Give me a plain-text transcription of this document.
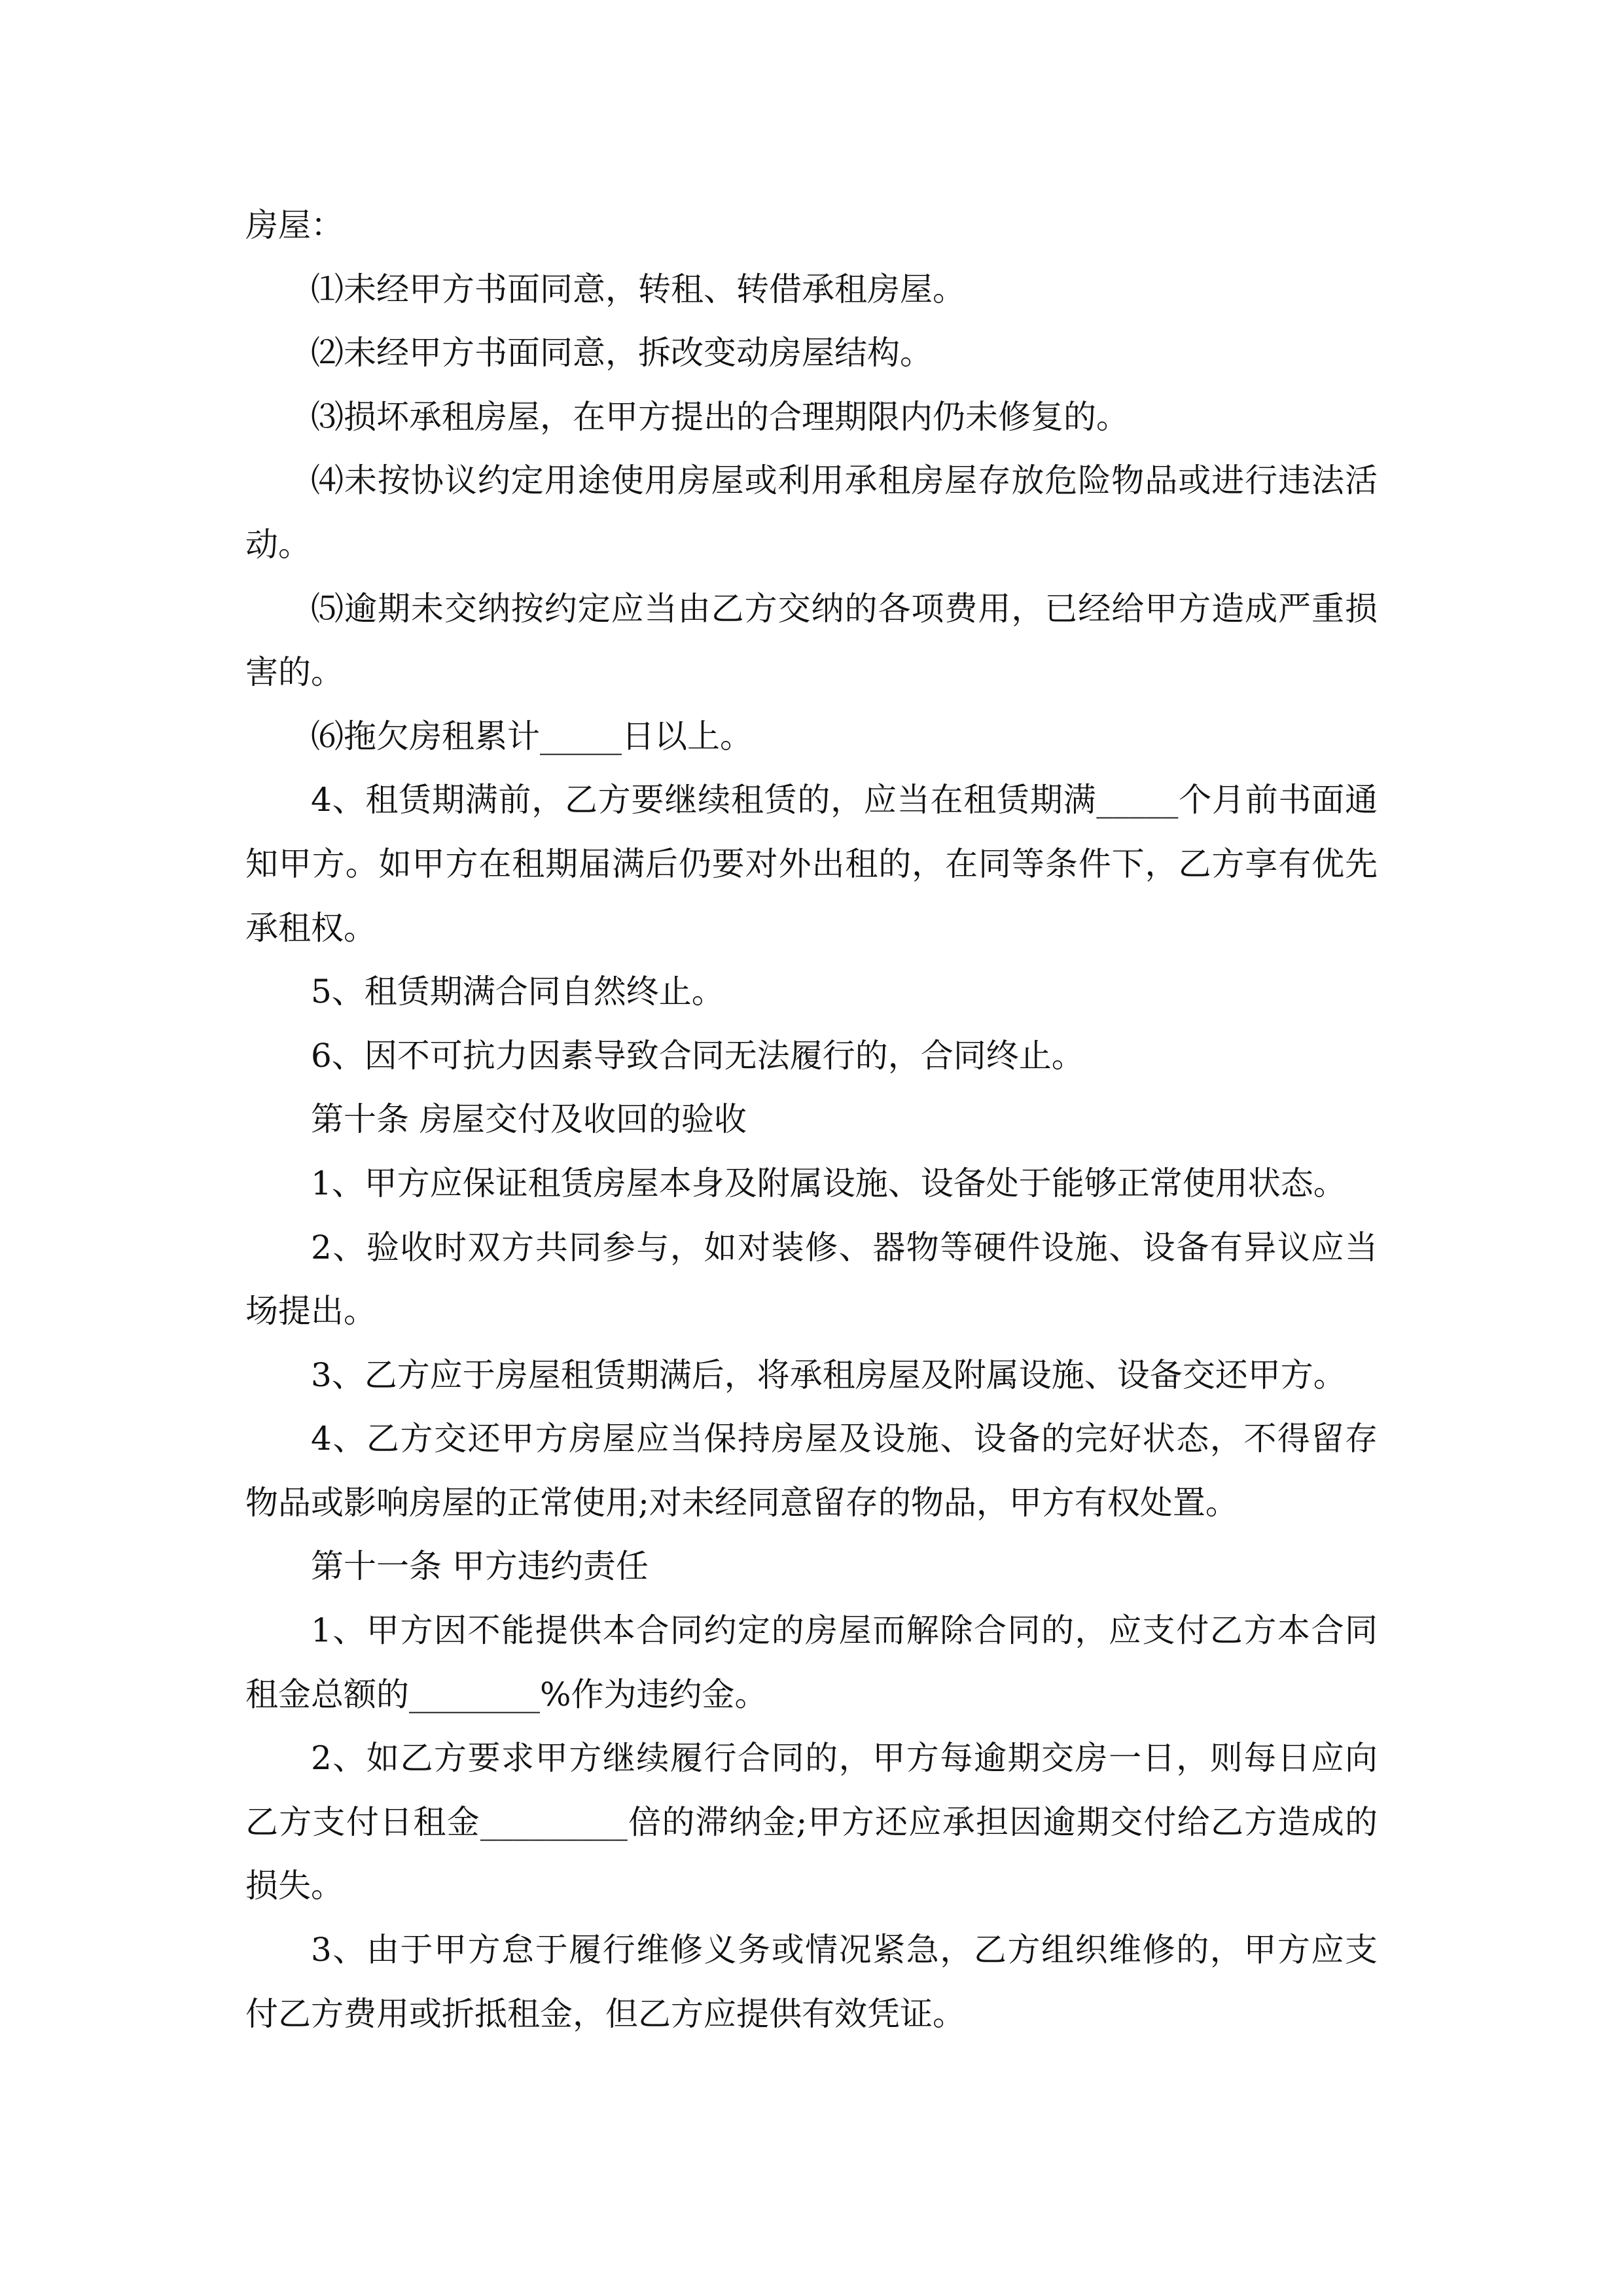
房屋：

⑴未经甲方书面同意，转租、转借承租房屋。

⑵未经甲方书面同意，拆改变动房屋结构。

⑶损坏承租房屋，在甲方提出的合理期限内仍未修复的。

⑷未按协议约定用途使用房屋或利用承租房屋存放危险物品或进行违法活动。

⑸逾期未交纳按约定应当由乙方交纳的各项费用，已经给甲方造成严重损害的。

⑹拖欠房租累计_____日以上。

4、租赁期满前，乙方要继续租赁的，应当在租赁期满_____个月前书面通知甲方。如甲方在租期届满后仍要对外出租的，在同等条件下，乙方享有优先承租权。

5、租赁期满合同自然终止。

6、因不可抗力因素导致合同无法履行的，合同终止。

第十条 房屋交付及收回的验收

1、甲方应保证租赁房屋本身及附属设施、设备处于能够正常使用状态。

2、验收时双方共同参与，如对装修、器物等硬件设施、设备有异议应当场提出。

3、乙方应于房屋租赁期满后，将承租房屋及附属设施、设备交还甲方。

4、乙方交还甲方房屋应当保持房屋及设施、设备的完好状态，不得留存物品或影响房屋的正常使用;对未经同意留存的物品，甲方有权处置。

第十一条 甲方违约责任

1、甲方因不能提供本合同约定的房屋而解除合同的，应支付乙方本合同租金总额的________%作为违约金。

2、如乙方要求甲方继续履行合同的，甲方每逾期交房一日，则每日应向乙方支付日租金_________倍的滞纳金;甲方还应承担因逾期交付给乙方造成的损失。

3、由于甲方怠于履行维修义务或情况紧急，乙方组织维修的，甲方应支付乙方费用或折抵租金，但乙方应提供有效凭证。
